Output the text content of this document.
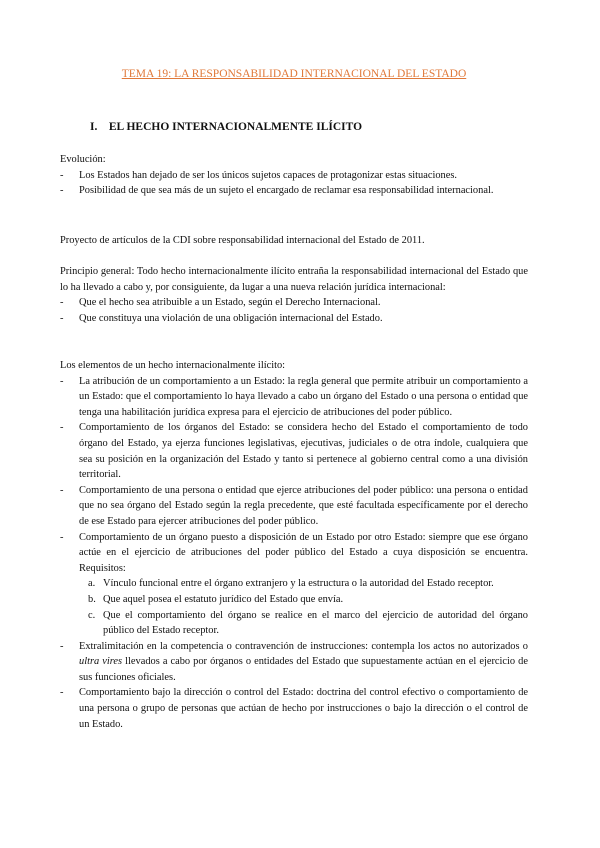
TEMA 19: LA RESPONSABILIDAD INTERNACIONAL DEL ESTADO
I. EL HECHO INTERNACIONALMENTE ILÍCITO

Evolución:

- Los Estados han dejado de ser los únicos sujetos capaces de protagonizar estas situaciones.
- Posibilidad de que sea más de un sujeto el encargado de reclamar esa responsabilidad internacional.
Proyecto de artículos de la CDI sobre responsabilidad internacional del Estado de 2011.

Principio general: Todo hecho internacionalmente ilícito entraña la responsabilidad internacional del Estado que lo ha llevado a cabo y, por consiguiente, da lugar a una nueva relación jurídica internacional:

- Que el hecho sea atribuible a un Estado, según el Derecho Internacional.
- Que constituya una violación de una obligación internacional del Estado.

Los elementos de un hecho internacionalmente ilícito:

- La atribución de un comportamiento a un Estado: la regla general que permite atribuir un comportamiento a un Estado: que el comportamiento lo haya llevado a cabo un órgano del Estado o una persona o entidad que tenga una habilitación jurídica expresa para el ejercicio de atribuciones del poder público.
- Comportamiento de los órganos del Estado: se considera hecho del Estado el comportamiento de todo órgano del Estado, ya ejerza funciones legislativas, ejecutivas, judiciales o de otra índole, cualquiera que sea su posición en la organización del Estado y tanto si pertenece al gobierno central como a una división territorial.
- Comportamiento de una persona o entidad que ejerce atribuciones del poder público: una persona o entidad que no sea órgano del Estado según la regla precedente, que esté facultada específicamente por el derecho de ese Estado para ejercer atribuciones del poder público.
- Comportamiento de un órgano puesto a disposición de un Estado por otro Estado: siempre que ese órgano actúe en el ejercicio de atribuciones del poder público del Estado a cuya disposición se encuentra. Requisitos:
a. Vínculo funcional entre el órgano extranjero y la estructura o la autoridad del Estado receptor.
b. Que aquel posea el estatuto jurídico del Estado que envía.
c. Que el comportamiento del órgano se realice en el marco del ejercicio de autoridad del órgano público del Estado receptor.
- Extralimitación en la competencia o contravención de instrucciones: contempla los actos no autorizados o ultra vires llevados a cabo por órganos o entidades del Estado que supuestamente actúan en el ejercicio de sus funciones oficiales.
- Comportamiento bajo la dirección o control del Estado: doctrina del control efectivo o comportamiento de una persona o grupo de personas que actúan de hecho por instrucciones o bajo la dirección o el control de un Estado.
